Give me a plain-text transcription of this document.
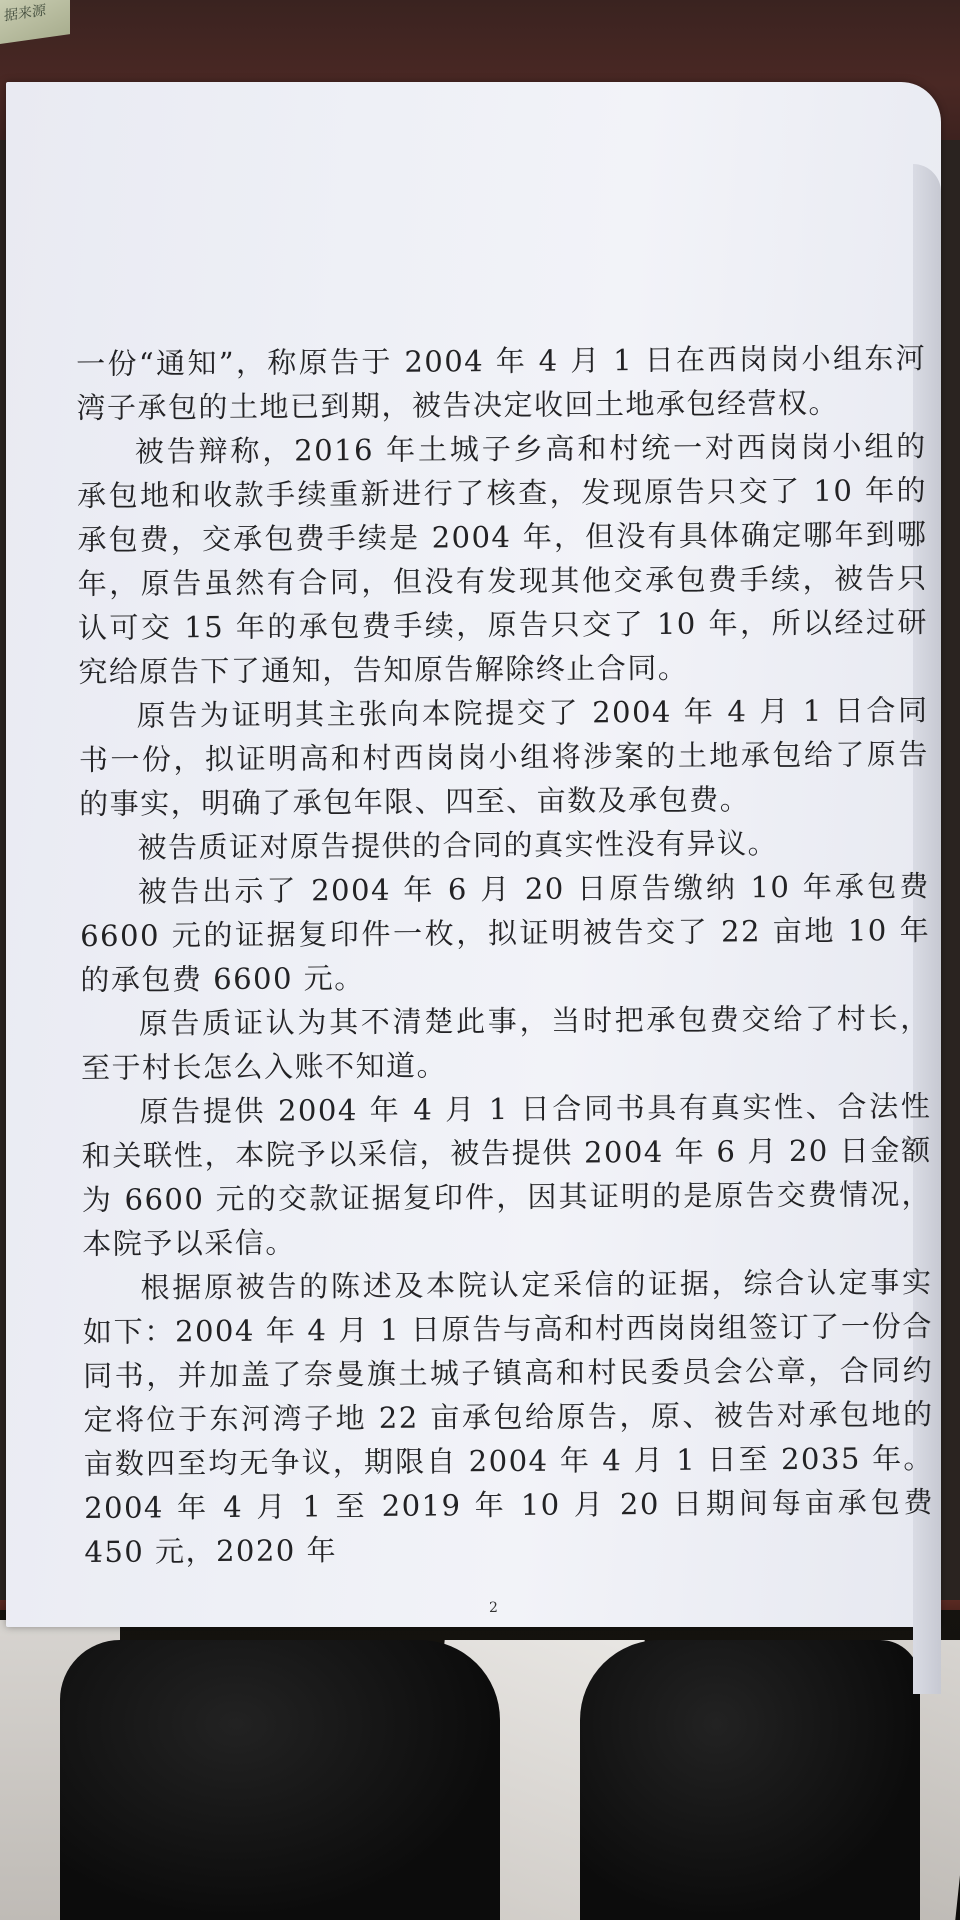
据来源

一份“通知”，称原告于 2004 年 4 月 1 日在西岗岗小组东河湾子承包的土地已到期，被告决定收回土地承包经营权。

被告辩称，2016 年土城子乡高和村统一对西岗岗小组的承包地和收款手续重新进行了核查，发现原告只交了 10 年的承包费，交承包费手续是 2004 年，但没有具体确定哪年到哪年，原告虽然有合同，但没有发现其他交承包费手续，被告只认可交 15 年的承包费手续，原告只交了 10 年，所以经过研究给原告下了通知，告知原告解除终止合同。

原告为证明其主张向本院提交了 2004 年 4 月 1 日合同书一份，拟证明高和村西岗岗小组将涉案的土地承包给了原告的事实，明确了承包年限、四至、亩数及承包费。

被告质证对原告提供的合同的真实性没有异议。

被告出示了 2004 年 6 月 20 日原告缴纳 10 年承包费 6600 元的证据复印件一枚，拟证明被告交了 22 亩地 10 年的承包费 6600 元。

原告质证认为其不清楚此事，当时把承包费交给了村长，至于村长怎么入账不知道。

原告提供 2004 年 4 月 1 日合同书具有真实性、合法性和关联性，本院予以采信，被告提供 2004 年 6 月 20 日金额为 6600 元的交款证据复印件，因其证明的是原告交费情况，本院予以采信。

根据原被告的陈述及本院认定采信的证据，综合认定事实如下：2004 年 4 月 1 日原告与高和村西岗岗组签订了一份合同书，并加盖了奈曼旗土城子镇高和村民委员会公章，合同约定将位于东河湾子地 22 亩承包给原告，原、被告对承包地的亩数四至均无争议，期限自 2004 年 4 月 1 日至 2035 年。2004 年 4 月 1 至 2019 年 10 月 20 日期间每亩承包费 450 元，2020 年

2
